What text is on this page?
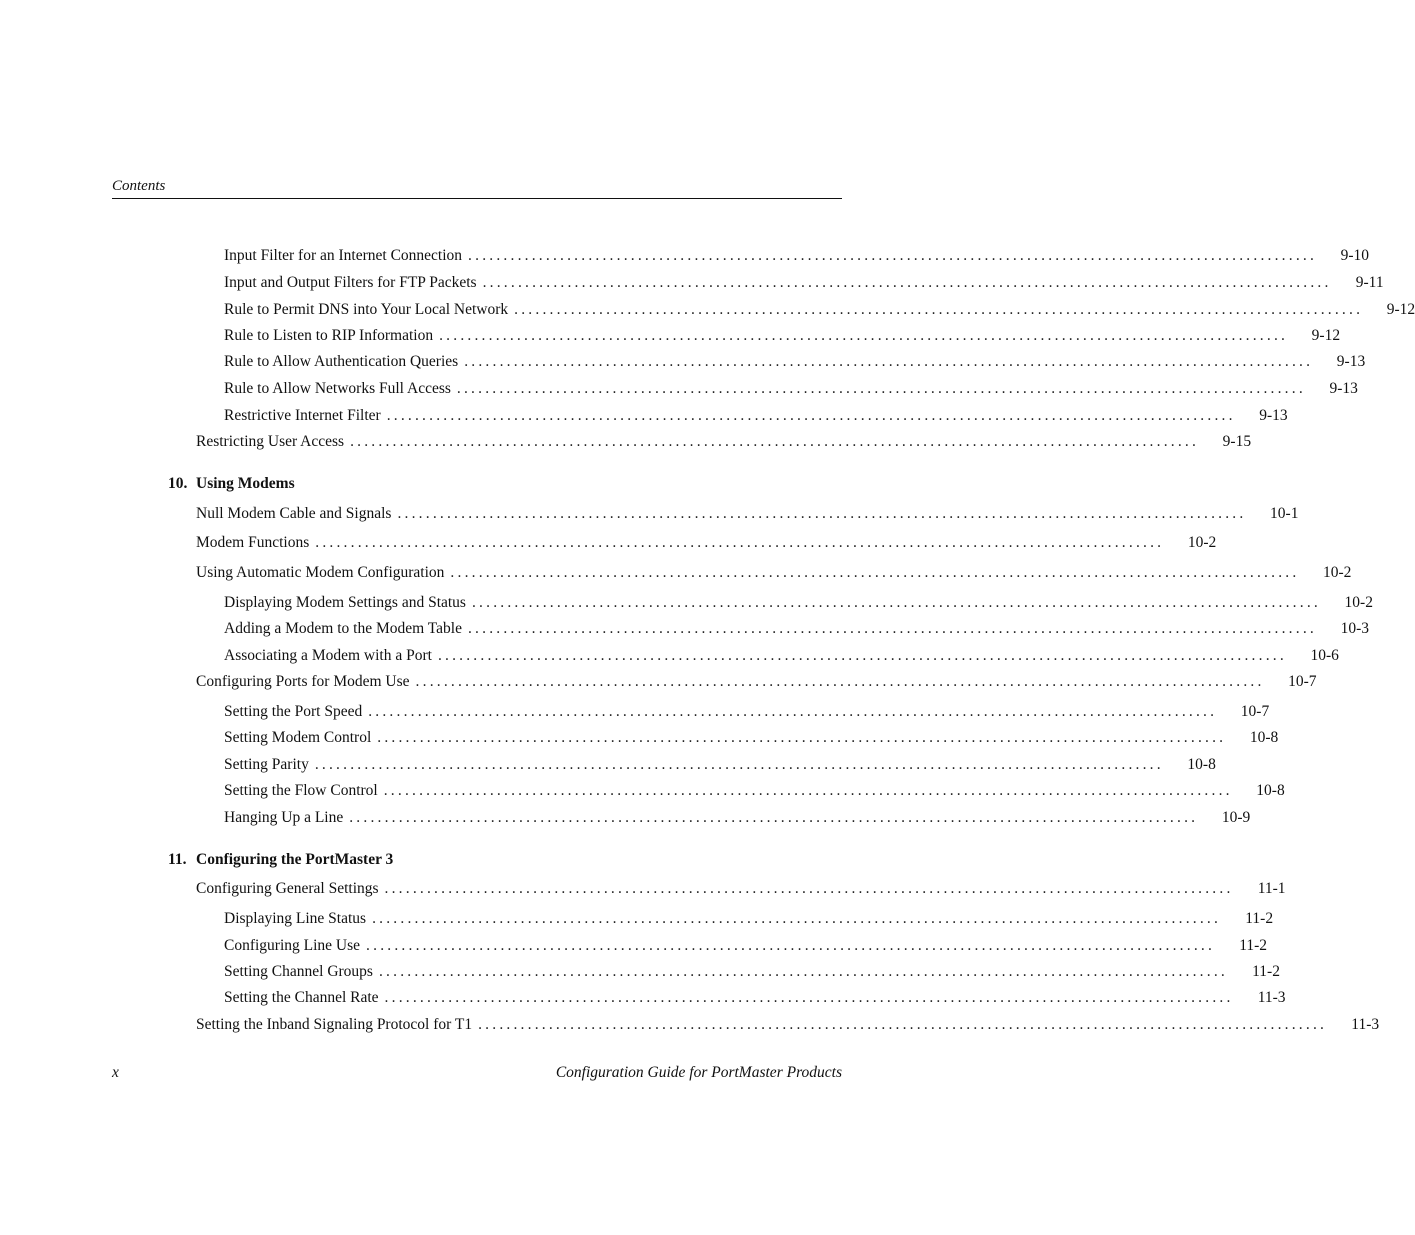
Contents
Input Filter for an Internet Connection ........................................................................................................................	9-10
Input and Output Filters for FTP Packets ........................................................................................................................	9-11
Rule to Permit DNS into Your Local Network ........................................................................................................................	9-12
Rule to Listen to RIP Information ........................................................................................................................	9-12
Rule to Allow Authentication Queries ........................................................................................................................	9-13
Rule to Allow Networks Full Access ........................................................................................................................	9-13
Restrictive Internet Filter ........................................................................................................................	9-13
Restricting User Access ........................................................................................................................	9-15
10. Using Modems
Null Modem Cable and Signals ........................................................................................................................	10-1
Modem Functions ........................................................................................................................	10-2
Using Automatic Modem Configuration ........................................................................................................................	10-2
Displaying Modem Settings and Status ........................................................................................................................	10-2
Adding a Modem to the Modem Table ........................................................................................................................	10-3
Associating a Modem with a Port ........................................................................................................................	10-6
Configuring Ports for Modem Use ........................................................................................................................	10-7
Setting the Port Speed ........................................................................................................................	10-7
Setting Modem Control ........................................................................................................................	10-8
Setting Parity ........................................................................................................................	10-8
Setting the Flow Control ........................................................................................................................	10-8
Hanging Up a Line ........................................................................................................................	10-9
11. Configuring the PortMaster 3
Configuring General Settings ........................................................................................................................	11-1
Displaying Line Status ........................................................................................................................	11-2
Configuring Line Use ........................................................................................................................	11-2
Setting Channel Groups ........................................................................................................................	11-2
Setting the Channel Rate ........................................................................................................................	11-3
Setting the Inband Signaling Protocol for T1 ........................................................................................................................	11-3
x	Configuration Guide for PortMaster Products
